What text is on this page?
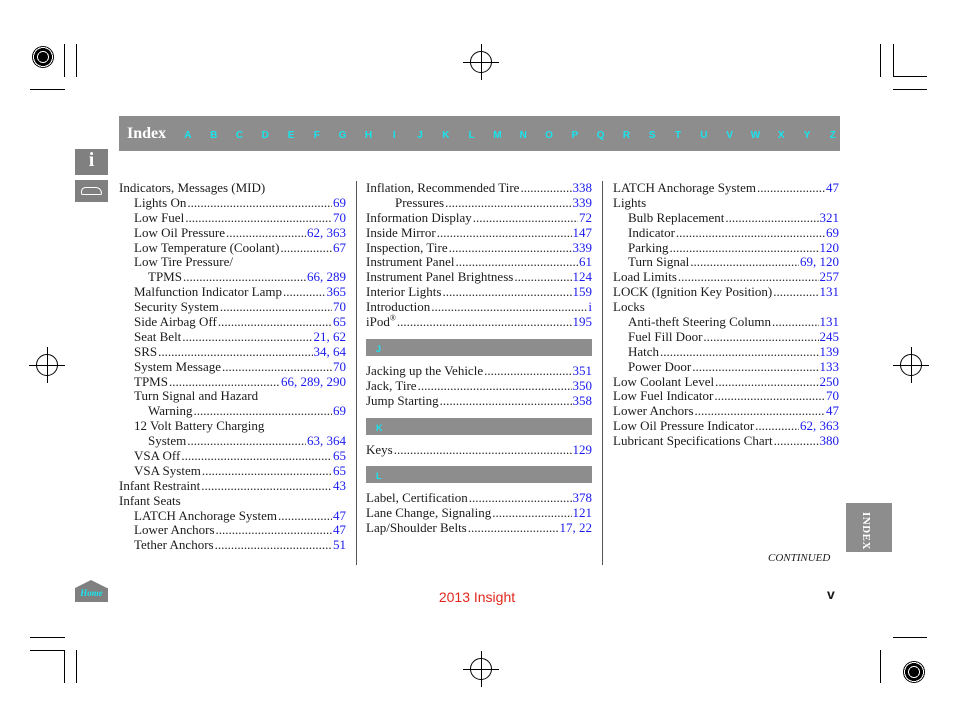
Index	A	B	C	D	E	F	G	H	I	J	K	L	M	N	O	P	Q	R	S	T	U	V	W	X	Y	Z
i
Indicators, Messages (MID)
Lights On .....	69
Low Fuel .....	70
Low Oil Pressure .....	62, 363
Low Temperature (Coolant) .....	67
Low Tire Pressure/
TPMS .....	66, 289
Malfunction Indicator Lamp .....	365
Security System .....	70
Side Airbag Off .....	65
Seat Belt .....	21, 62
SRS .....	34, 64
System Message .....	70
TPMS .....	66, 289, 290
Turn Signal and Hazard
Warning .....	69
12 Volt Battery Charging
System .....	63, 364
VSA Off .....	65
VSA System .....	65
Infant Restraint .....	43
Infant Seats
LATCH Anchorage System .....	47
Lower Anchors .....	47
Tether Anchors .....	51
Inflation, Recommended Tire .....	338
Pressures .....	339
Information Display .....	72
Inside Mirror .....	147
Inspection, Tire .....	339
Instrument Panel .....	61
Instrument Panel Brightness .....	124
Interior Lights .....	159
Introduction .....	i
iPod® .....	195
J
Jacking up the Vehicle .....	351
Jack, Tire .....	350
Jump Starting .....	358
K
Keys .....	129
L
Label, Certification .....	378
Lane Change, Signaling .....	121
Lap/Shoulder Belts .....	17, 22
LATCH Anchorage System .....	47
Lights
Bulb Replacement .....	321
Indicator .....	69
Parking .....	120
Turn Signal .....	69, 120
Load Limits .....	257
LOCK (Ignition Key Position) .....	131
Locks
Anti-theft Steering Column .....	131
Fuel Fill Door .....	245
Hatch .....	139
Power Door .....	133
Low Coolant Level .....	250
Low Fuel Indicator .....	70
Lower Anchors .....	47
Low Oil Pressure Indicator .....	62, 363
Lubricant Specifications Chart .....	380
INDEX
CONTINUED
Home	2013 Insight	v
